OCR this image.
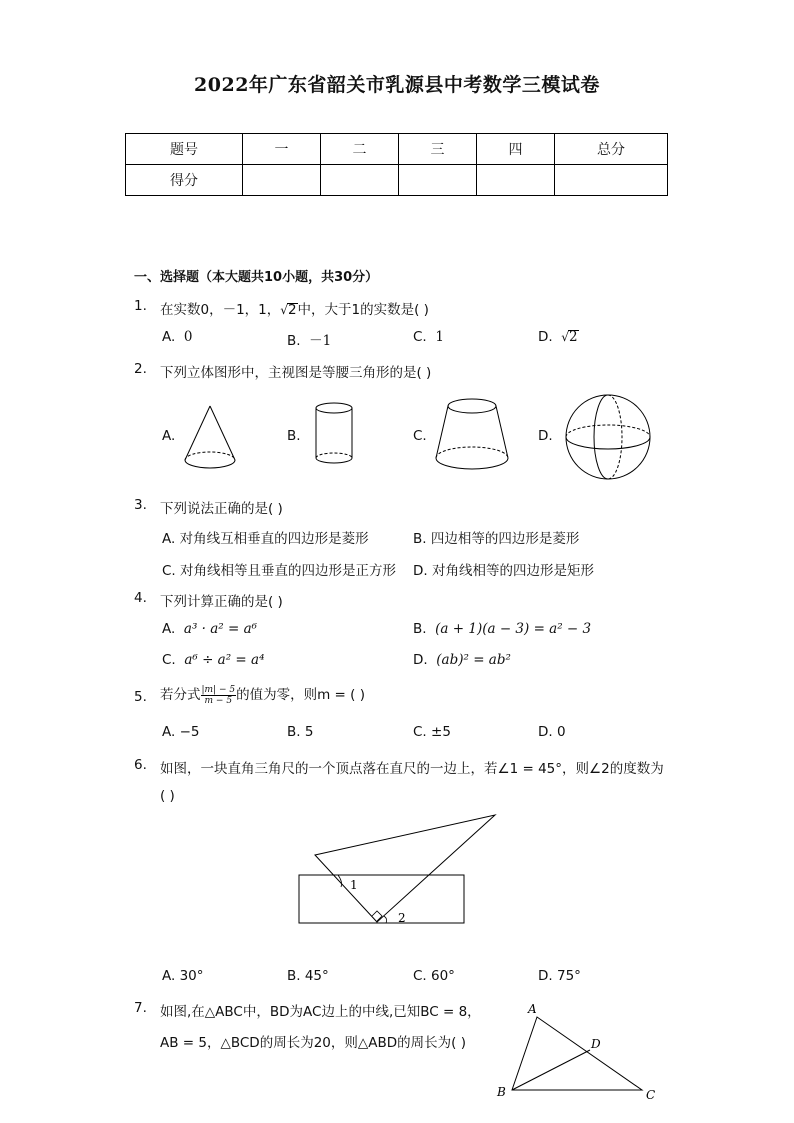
2022年广东省韶关市乳源县中考数学三模试卷
题号	一	二	三	四	总分
得分					
一、选择题（本大题共10小题，共30分）
1. 在实数0，－1，1，√2中，大于1的实数是( )
A. 0	B. －1	C. 1	D. √2
2. 下列立体图形中，主视图是等腰三角形的是( )
A.	B.	C.	D.
3. 下列说法正确的是( )
A. 对角线互相垂直的四边形是菱形	B. 四边相等的四边形是菱形
C. 对角线相等且垂直的四边形是正方形 D. 对角线相等的四边形是矩形
4. 下列计算正确的是( )
A. a³ · a² = a⁶	B. (a + 1)(a − 3) = a² − 3
C. a⁶ ÷ a² = a⁴	D. (ab)² = ab²
5. 若分式 $\frac{|m| - 5}{m - 5}$ 的值为零，则m = ( )
A. −5	B. 5	C. ±5	D. 0
6. 如图，一块直角三角尺的一个顶点落在直尺的一边上，若∠1 = 45°，则∠2的度数为
( )
1
2
A. 30°	B. 45°	C. 60°	D. 75°
7. 如图,在△ABC中，BD为AC边上的中线,已知BC = 8，
AB = 5，△BCD的周长为20，则△ABD的周长为( )
A
B	C
D
